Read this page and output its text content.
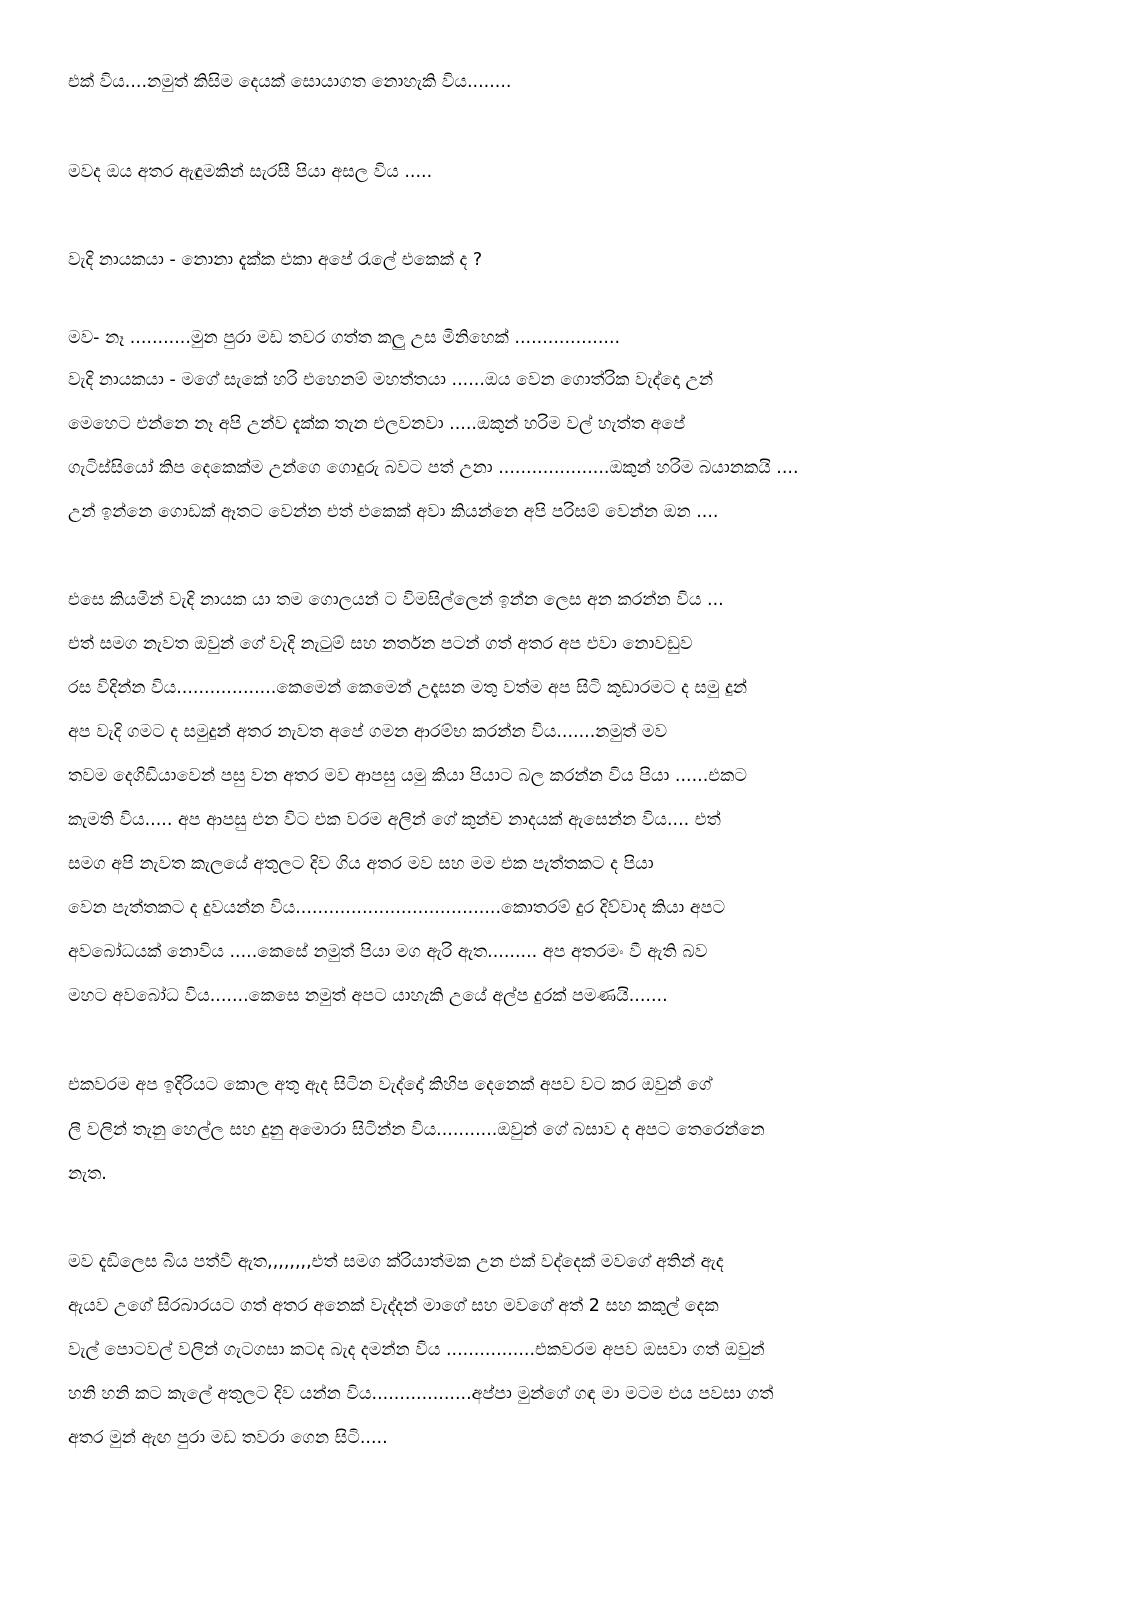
එක් විය....නමුත් කිසිම දෙයක් සොයාගත නොහැකි විය........
මවද ඔය අතර ඇඳුමකින් සැරසී පියා අසල විය .....
වැදි නායකයා - නොනා දැක්ක එකා අපේ රැලේ එකෙක් ද ?
මව- නෑ ...........මුන පුරා මඩ තවර ගත්ත කලු උස මිනිහෙක් ...................
වැදි නායකයා - මගේ සැකේ හරි එහෙනම් මහත්තයා ......ඔය වෙන ගොත්රික වැද්දො උන්
මෙහෙට එන්නෙ නෑ අපි උන්ව දැක්ක තැන එලවනවා .....ඔකුන් හරිම වල් හැත්ත අපේ
ගැටිස්සියෝ කිප දෙකෙක්ම උන්ගෙ ගොදුරු බවට පත් උනා ....................ඔකුන් හරිම බයානකයි ....
උන් ඉන්නෙ ගොඩක් ඈතට වෙන්න එත් එකෙක් අවා කියන්නෙ අපි පරිසම් වෙන්න ඔන ....
එසෙ කියමින් වැදි නායක යා තම ගොලයන් ට විමසිල්ලෙන් ඉන්න ලෙස අන කරන්න විය ...
එත් සමග නැවත ඔවුන් ගේ වැදි නැටුම් සහ නර්තන පටන් ගත් අතර අප එවා නොවඩුව
රස විදින්න විය..................කෙමෙන් කෙමෙන් උදෑසන මතු වත්ම අප සිටි කුඩාරමට ද සමු දුන්
අප වැදි ගමට ද සමුදුන් අතර නැවත අපේ ගමන ආරම්භ කරන්න විය.......නමුත් මව
තවම දෙගිඩියාවෙන් පසු වන අතර මව ආපසු යමු කියා පියාට බල කරන්න විය පියා ......එකට
කැමති විය..... අප ආපසු එන විට එක වරම අලින් ගේ කුන්ච නාදයක් ඇසෙන්න විය.... එත්
සමග අපි නැවත කැලයේ අතුලට දිව ගිය අතර මව සහ මම එක පැත්තකට ද පියා
වෙන පැත්තකට ද දුවයන්න විය.....................................කොතරම් දුර දිව්වාද කියා අපට
අවබෝධයක් නොවිය .....කෙසේ නමුත් පියා මග ඇරි ඇත......... අප අතරමං වී ඇති බව
මහට අවබෝධ විය.......කෙසෙ නමුත් අපට යාහැකි උයේ අල්ප දුරක් පමණයි.......
එකවරම අප ඉදිරියට කොල අතු ඇද සිටින වැද්දෝ කිහිප දෙනෙක් අපව වට කර ඔවුන් ගේ
ලී වලින් තැනු හෙල්ල සහ දුනු අමොරා සිටින්න විය...........ඔවුන් ගේ බසාව ද අපට තෙරෙන්නෙ
නැත.
මව දැඩිලෙස බිය පත්වී ඇත,,,,,,,,එත් සමග ක්රියාත්මක උන එක් වද්දෙක් මවගේ අතින් ඇද
ඇයව උගේ සිරබාරයට ගත් අතර අනෙක් වැද්දන් මාගේ සහ මවගේ අත් 2 සහ කකුල් දෙක
වැල් පොටවල් වලින් ගැටගසා කටද බැද දමන්න විය ................එකවරම අපව ඔසවා ගත් ඔවුන්
හනි හනි කට කැලේ අතුලට දිව යන්න විය..................අප්පා මුන්ගේ ගඳ මා මටම එය පවසා ගත්
අතර මුන් ඇඟ පුරා මඩ තවරා ගෙන සිටි.....
